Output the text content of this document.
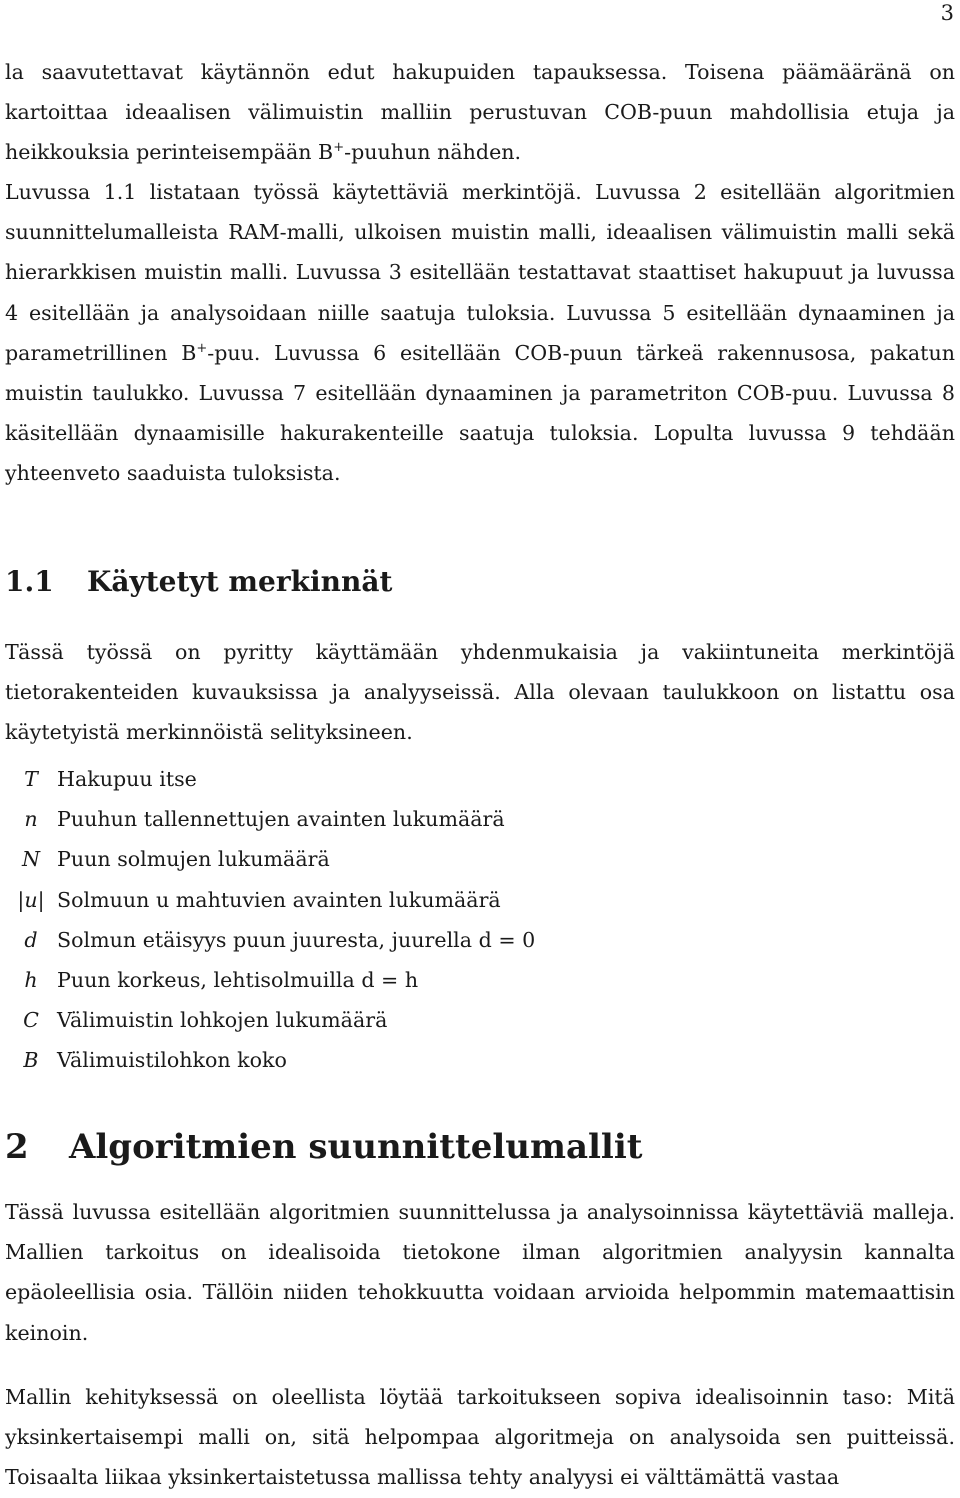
3

la saavutettavat käytännön edut hakupuiden tapauksessa. Toisena päämääränä on kartoittaa ideaalisen välimuistin malliin perustuvan COB-puun mahdollisia etuja ja heikkouksia perinteisempään B+-puuhun nähden.

Luvussa 1.1 listataan työssä käytettäviä merkintöjä. Luvussa 2 esitellään algoritmien suunnittelumalleista RAM-malli, ulkoisen muistin malli, ideaalisen välimuistin malli sekä hierarkkisen muistin malli. Luvussa 3 esitellään testattavat staattiset hakupuut ja luvussa 4 esitellään ja analysoidaan niille saatuja tuloksia. Luvussa 5 esitellään dynaaminen ja parametrillinen B+-puu. Luvussa 6 esitellään COB-puun tärkeä rakennusosa, pakatun muistin taulukko. Luvussa 7 esitellään dynaaminen ja parametriton COB-puu. Luvussa 8 käsitellään dynaamisille hakurakenteille saatuja tuloksia. Lopulta luvussa 9 tehdään yhteenveto saaduista tuloksista.

1.1 Käytetyt merkinnät

Tässä työssä on pyritty käyttämään yhdenmukaisia ja vakiintuneita merkintöjä tietorakenteiden kuvauksissa ja analyyseissä. Alla olevaan taulukkoon on listattu osa käytetyistä merkinnöistä selityksineen.

T	Hakupuu itse
n	Puuhun tallennettujen avainten lukumäärä
N	Puun solmujen lukumäärä
|u|	Solmuun u mahtuvien avainten lukumäärä
d	Solmun etäisyys puun juuresta, juurella d = 0
h	Puun korkeus, lehtisolmuilla d = h
C	Välimuistin lohkojen lukumäärä
B	Välimuistilohkon koko
2 Algoritmien suunnittelumallit

Tässä luvussa esitellään algoritmien suunnittelussa ja analysoinnissa käytettäviä malleja. Mallien tarkoitus on idealisoida tietokone ilman algoritmien analyysin kannalta epäoleellisia osia. Tällöin niiden tehokkuutta voidaan arvioida helpommin matemaattisin keinoin.

Mallin kehityksessä on oleellista löytää tarkoitukseen sopiva idealisoinnin taso: Mitä yksinkertaisempi malli on, sitä helpompaa algoritmeja on analysoida sen puitteissä. Toisaalta liikaa yksinkertaistetussa mallissa tehty analyysi ei välttämättä vastaa
